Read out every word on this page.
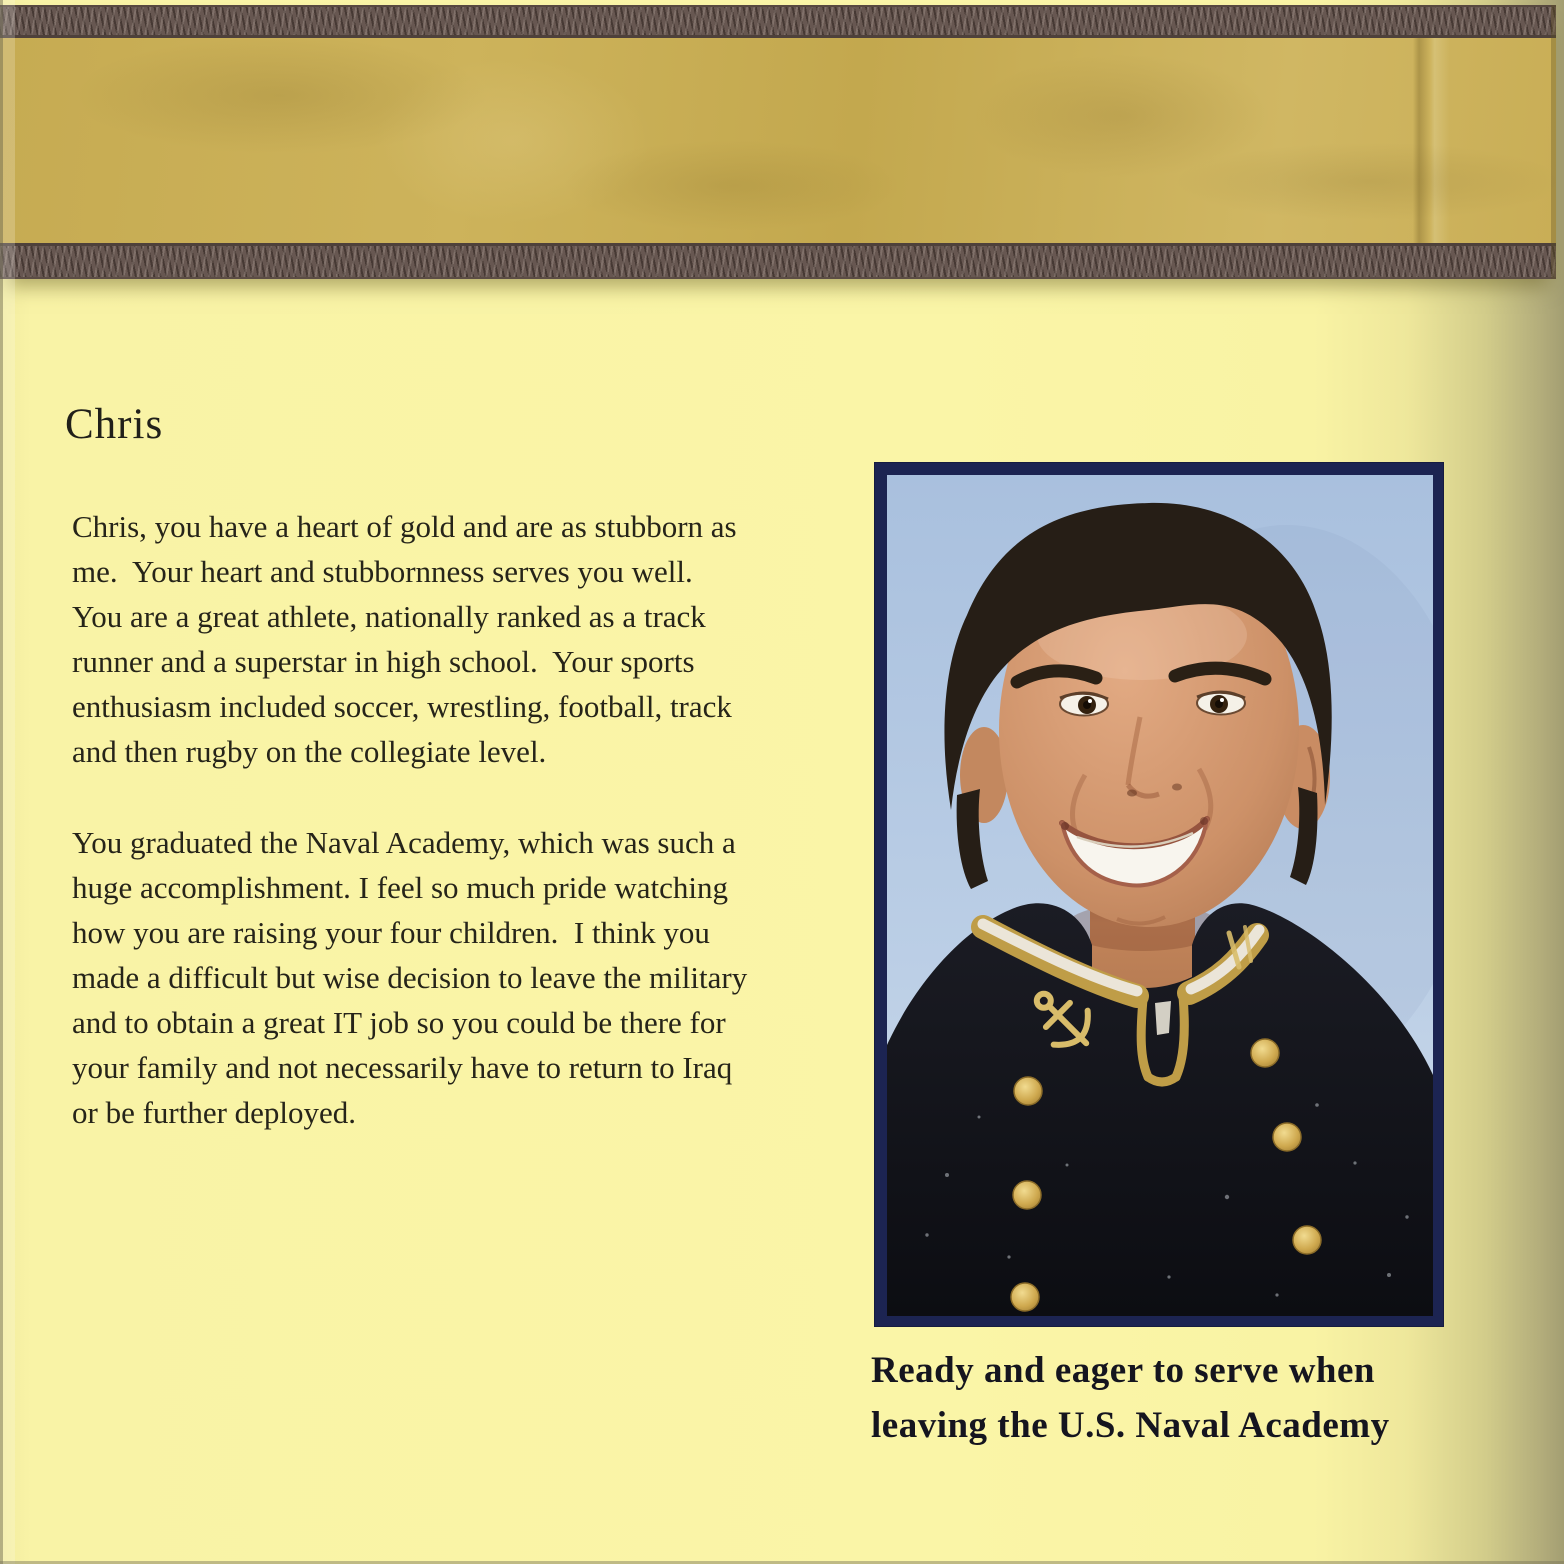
Chris

Chris, you have a heart of gold and are as stubborn as me.  Your heart and stubbornness serves you well. You are a great athlete, nationally ranked as a track runner and a superstar in high school.  Your sports enthusiasm included soccer, wrestling, football, track and then rugby on the collegiate level.

You graduated the Naval Academy, which was such a huge accomplishment. I feel so much pride watching how you are raising your four children.  I think you made a difficult but wise decision to leave the military and to obtain a great IT job so you could be there for your family and not necessarily have to return to Iraq or be further deployed.

Ready and eager to serve when leaving the U.S. Naval Academy
